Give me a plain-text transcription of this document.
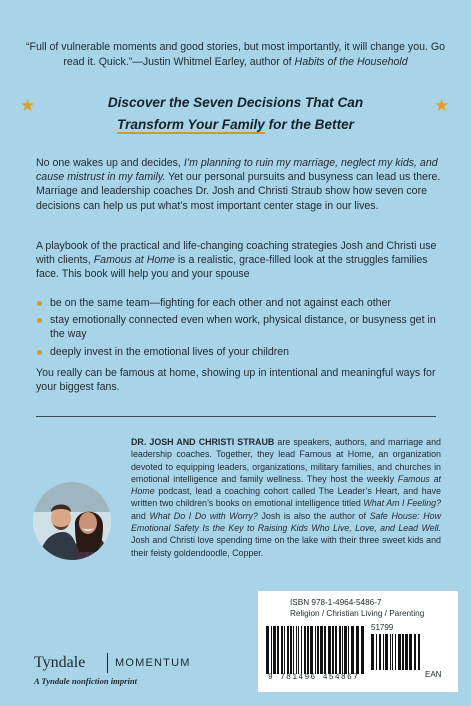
“Full of vulnerable moments and good stories, but most importantly, it will change you. Go read it. Quick.”—Justin Whitmel Earley, author of Habits of the Household
★	★
Discover the Seven Decisions That Can
Transform Your Family for the Better
No one wakes up and decides, I’m planning to ruin my marriage, neglect my kids, and cause mistrust in my family. Yet our personal pursuits and busyness can lead us there. Marriage and leadership coaches Dr. Josh and Christi Straub show how seven core decisions can help us put what’s most important center stage in our lives.
A playbook of the practical and life-changing coaching strategies Josh and Christi use with clients, Famous at Home is a realistic, grace-filled look at the struggles families face. This book will help you and your spouse
be on the same team—fighting for each other and not against each other
stay emotionally connected even when work, physical distance, or busyness get in the way
deeply invest in the emotional lives of your children
You really can be famous at home, showing up in intentional and meaningful ways for your biggest fans.
DR. JOSH AND CHRISTI STRAUB are speakers, authors, and marriage and leadership coaches. Together, they lead Famous at Home, an organization devoted to equipping leaders, organizations, military families, and churches in emotional intelligence and family wellness. They host the weekly Famous at Home podcast, lead a coaching cohort called The Leader’s Heart, and have written two children’s books on emotional intelligence titled What Am I Feeling? and What Do I Do with Worry? Josh is also the author of Safe House: How Emotional Safety Is the Key to Raising Kids Who Live, Love, and Lead Well. Josh and Christi love spending time on the lake with their three sweet kids and their feisty goldendoodle, Copper.
ISBN 978-1-4964-5486-7
Religion / Christian Living / Parenting
51799
9 781496 454867	EAN
Tyndale	MOMENTUM
A Tyndale nonfiction imprint
